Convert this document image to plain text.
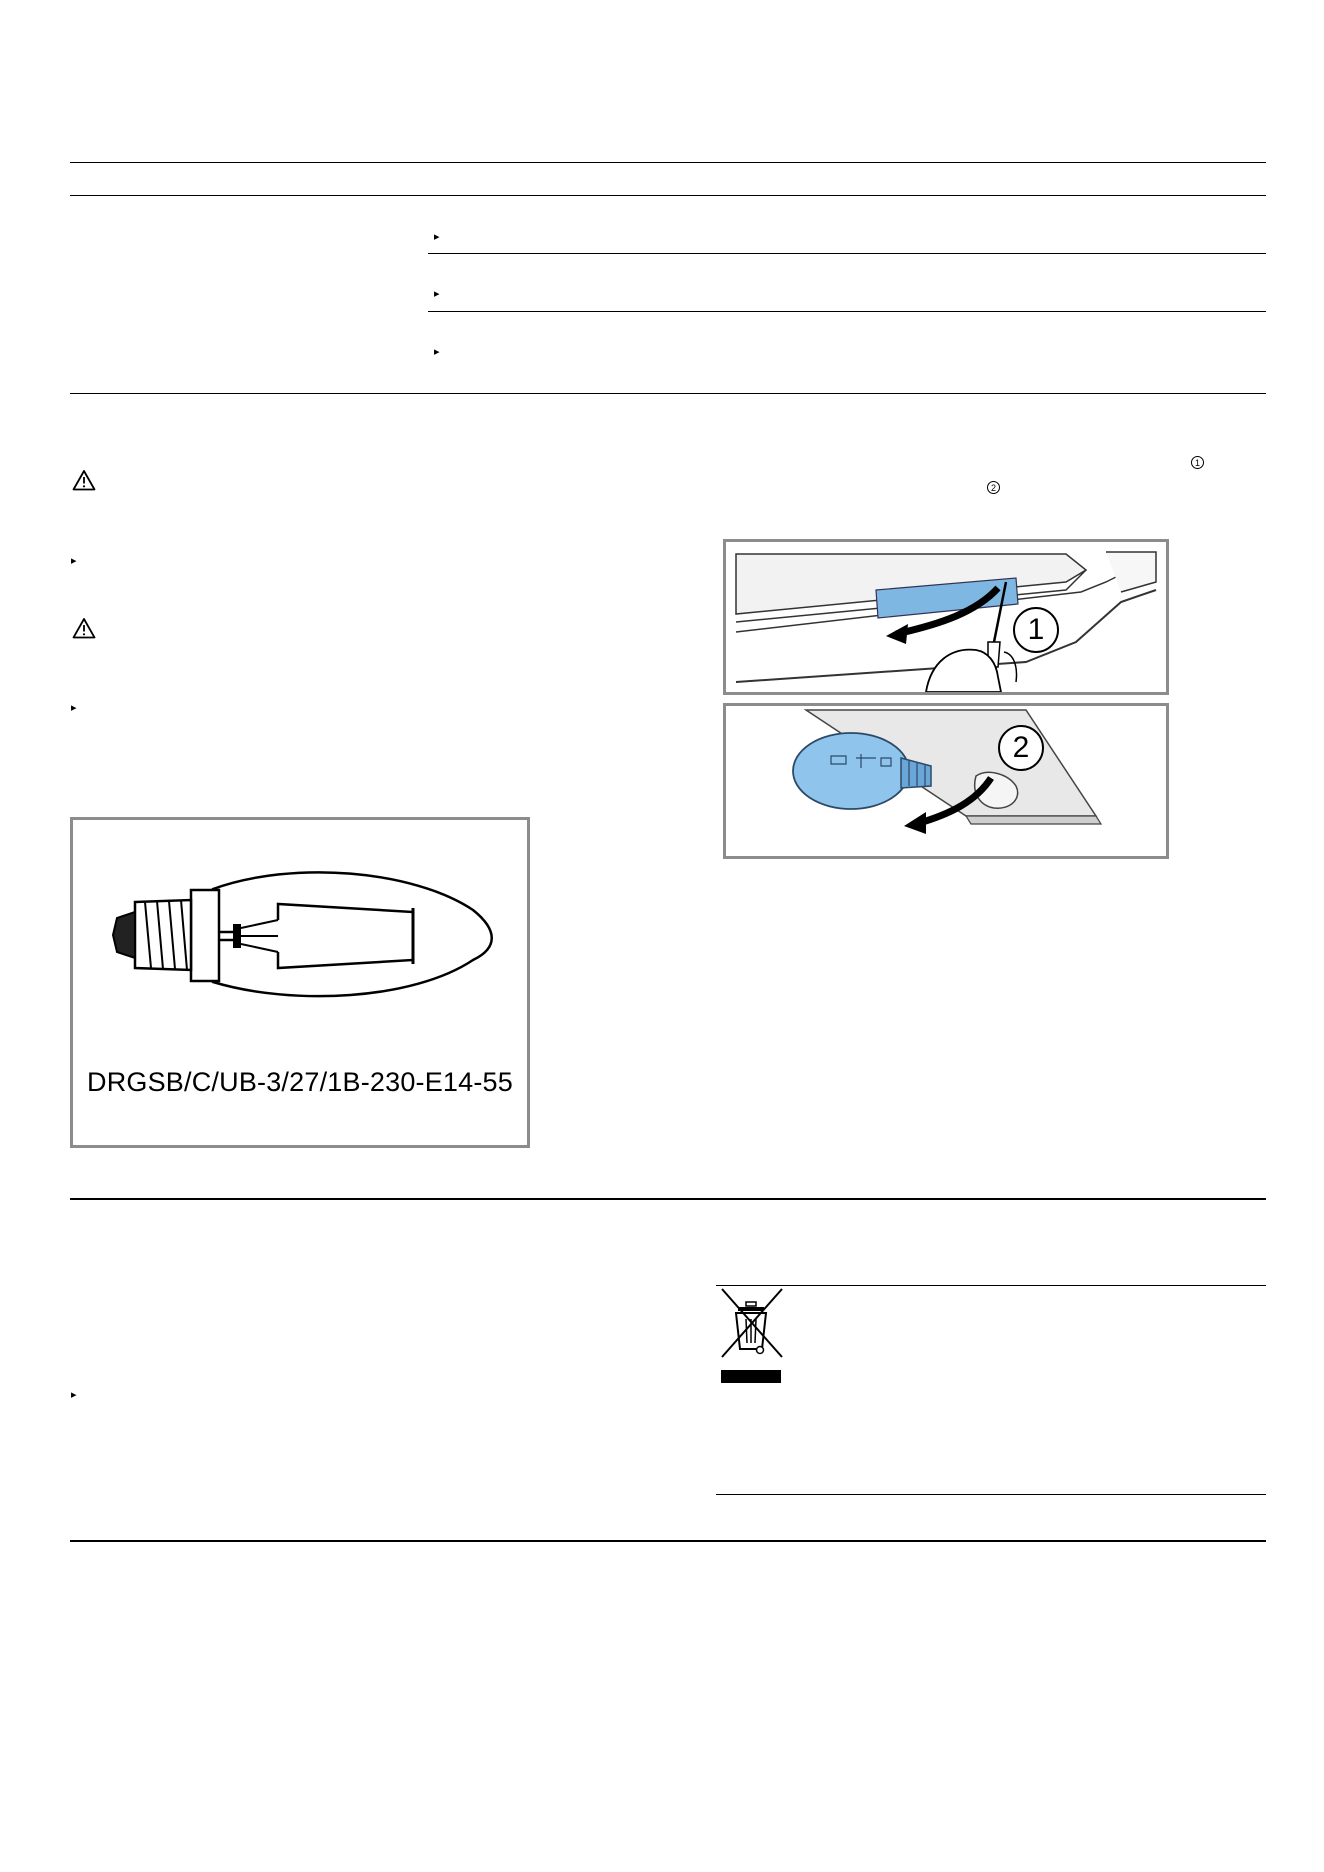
▸
▸
▸
▸
▸
DRGSB/C/UB-3/27/1B-230-E14-55
1
2
1
2
▸
